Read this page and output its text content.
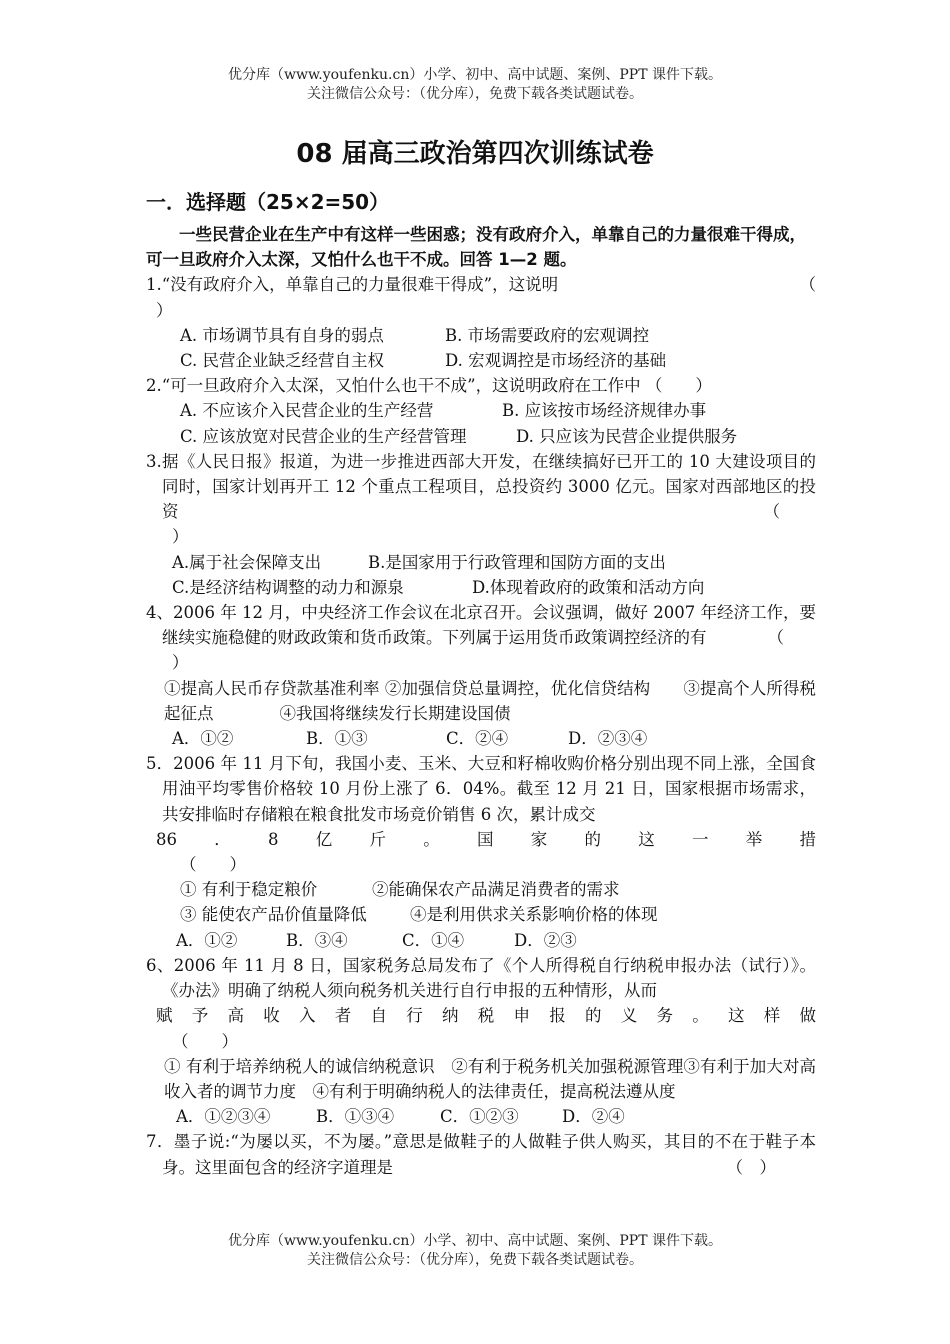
优分库（www.youfenku.cn）小学、初中、高中试题、案例、PPT 课件下载。
关注微信公众号：（优分库），免费下载各类试题试卷。
08 届高三政治第四次训练试卷
一．选择题（25×2=50）

一些民营企业在生产中有这样一些困惑；没有政府介入，单靠自己的力量很难干得成，可一旦政府介入太深，又怕什么也干不成。回答 1—2 题。

1.“没有政府介入，单靠自己的力量很难干得成”，这说明	（
）
A. 市场调节具有自身的弱点	B. 市场需要政府的宏观调控
C. 民营企业缺乏经营自主权	D. 宏观调控是市场经济的基础
2.“可一旦政府介入太深，又怕什么也干不成”，这说明政府在工作中 （　　）
A. 不应该介入民营企业的生产经营	B. 应该按市场经济规律办事
C. 应该放宽对民营企业的生产经营管理	D. 只应该为民营企业提供服务
3.据《人民日报》报道，为进一步推进西部大开发，在继续搞好已开工的 10 大建设项目的同时，国家计划再开工 12 个重点工程项目，总投资约 3000 亿元。国家对西部地区的投资	（
）
A.属于社会保障支出	B.是国家用于行政管理和国防方面的支出
C.是经济结构调整的动力和源泉	D.体现着政府的政策和活动方向
4、2006 年 12 月，中央经济工作会议在北京召开。会议强调，做好 2007 年经济工作，要继续实施稳健的财政政策和货币政策。下列属于运用货币政策调控经济的有	（
）
①提高人民币存贷款基准利率 ②加强信贷总量调控，优化信贷结构　　③提高个人所得税起征点　　　　④我国将继续发行长期建设国债
A．①②	B．①③	C．②④	D．②③④
5．2006 年 11 月下旬，我国小麦、玉米、大豆和籽棉收购价格分别出现不同上涨，全国食用油平均零售价格较 10 月份上涨了 6．04%。截至 12 月 21 日，国家根据市场需求，共安排临时存储粮在粮食批发市场竞价销售 6 次，累计成交
86 ． 8 亿 斤 。 国 家 的 这 一 举 措
（　　）
① 有利于稳定粮价	②能确保农产品满足消费者的需求
③ 能使农产品价值量降低	④是利用供求关系影响价格的体现
A．①②	B．③④	C．①④	D．②③
6、2006 年 11 月 8 日，国家税务总局发布了《个人所得税自行纳税申报办法（试行）》。《办法》明确了纳税人须向税务机关进行自行申报的五种情形，从而
赋 予 高 收 入 者 自 行 纳 税 申 报 的 义 务 。 这 样 做
（　　）
① 有利于培养纳税人的诚信纳税意识　②有利于税务机关加强税源管理③有利于加大对高收入者的调节力度　④有利于明确纳税人的法律责任，提高税法遵从度
A．①②③④	B．①③④	C．①②③	D．②④
7．墨子说:“为屡以买，不为屡。”意思是做鞋子的人做鞋子供人购买，其目的不在于鞋子本身。这里面包含的经济字道理是	（　）
优分库（www.youfenku.cn）小学、初中、高中试题、案例、PPT 课件下载。
关注微信公众号：（优分库），免费下载各类试题试卷。
